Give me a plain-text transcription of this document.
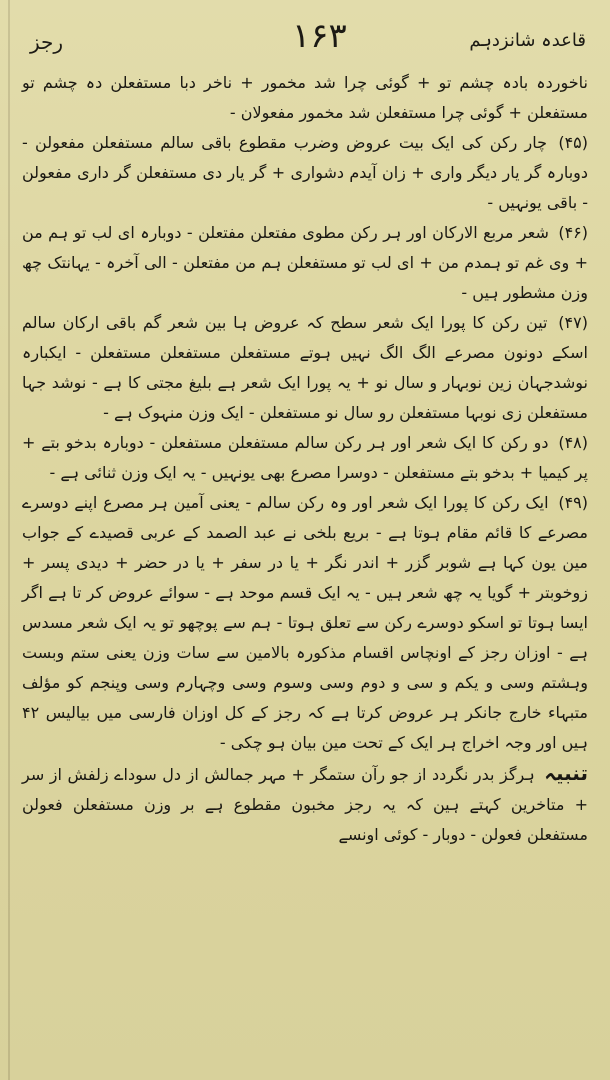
رجز	۱۶۳	قاعدہ شانزدہم

ناخوردہ بادہ چشم تو + گوئی چرا شد مخمور + ناخر دبا مستفعلن دہ چشم تو مستفعلن + گوئی چرا مستفعلن شد مخمور مفعولان -

(۴۵) چار رکن کی ایک بیت عروض وضرب مقطوع باقی سالم مستفعلن مفعولن - دوبارہ گر یار دیگر واری + زان آیدم دشواری + گر یار دی مستفعلن گر داری مفعولن - باقی یونہیں -

(۴۶) شعر مربع الارکان اور ہر رکن مطوی مفتعلن مفتعلن - دوبارہ ای لب تو ہم من + وی غم تو ہمدم من + ای لب تو مستفعلن ہم من مفتعلن - الی آخرہ - یہانتک چھ وزن مشطور ہیں -

(۴۷) تین رکن کا پورا ایک شعر سطح کہ عروض ہا بین شعر گم باقی ارکان سالم اسکے دونون مصرعے الگ الگ نہیں ہوتے مستفعلن مستفعلن مستفعلن - ایکبارہ نوشدجہان زین نوبہار و سال نو + یہ پورا ایک شعر ہے بلیغ مجتی کا ہے - نوشد جہا مستفعلن زی نوبہا مستفعلن رو سال نو مستفعلن - ایک وزن منہوک ہے -

(۴۸) دو رکن کا ایک شعر اور ہر رکن سالم مستفعلن مستفعلن - دوبارہ بدخو بتے + پر کیمیا + بدخو بتے مستفعلن - دوسرا مصرع بھی یونہیں - یہ ایک وزن ثنائی ہے -

(۴۹) ایک رکن کا پورا ایک شعر اور وہ رکن سالم - یعنی آمین ہر مصرع اپنے دوسرے مصرعے کا قائم مقام ہوتا ہے - بریع بلخی نے عبد الصمد کے عربی قصیدے کے جواب مین یون کہا ہے شوبر گزر + اندر نگر + یا در سفر + یا در حضر + دیدی پسر + زوخوبتر + گویا یہ چھ شعر ہیں - یہ ایک قسم موحد ہے - سوائے عروض کر تا ہے اگر ایسا ہوتا تو اسکو دوسرے رکن سے تعلق ہوتا - ہم سے پوچھو تو یہ ایک شعر مسدس ہے - اوزان رجز کے اونچاس اقسام مذکورہ بالامین سے سات وزن یعنی ستم وبست وہشتم وسی و یکم و سی و دوم وسی وسوم وسی وچہارم وسی وپنجم کو مؤلف متبہاء خارج جانکر ہر عروض کرتا ہے کہ رجز کے کل اوزان فارسی میں بیالیس ۴۲ ہیں اور وجہ اخراج ہر ایک کے تحت مین بیان ہو چکی -

تنبیہ ہرگز بدر نگردد از جو رآن ستمگر + مہر جمالش از دل سوداے زلفش از سر + متاخرین کہتے ہین کہ یہ رجز مخبون مقطوع ہے بر وزن مستفعلن فعولن مستفعلن فعولن - دوبار - کوئی اونسے
